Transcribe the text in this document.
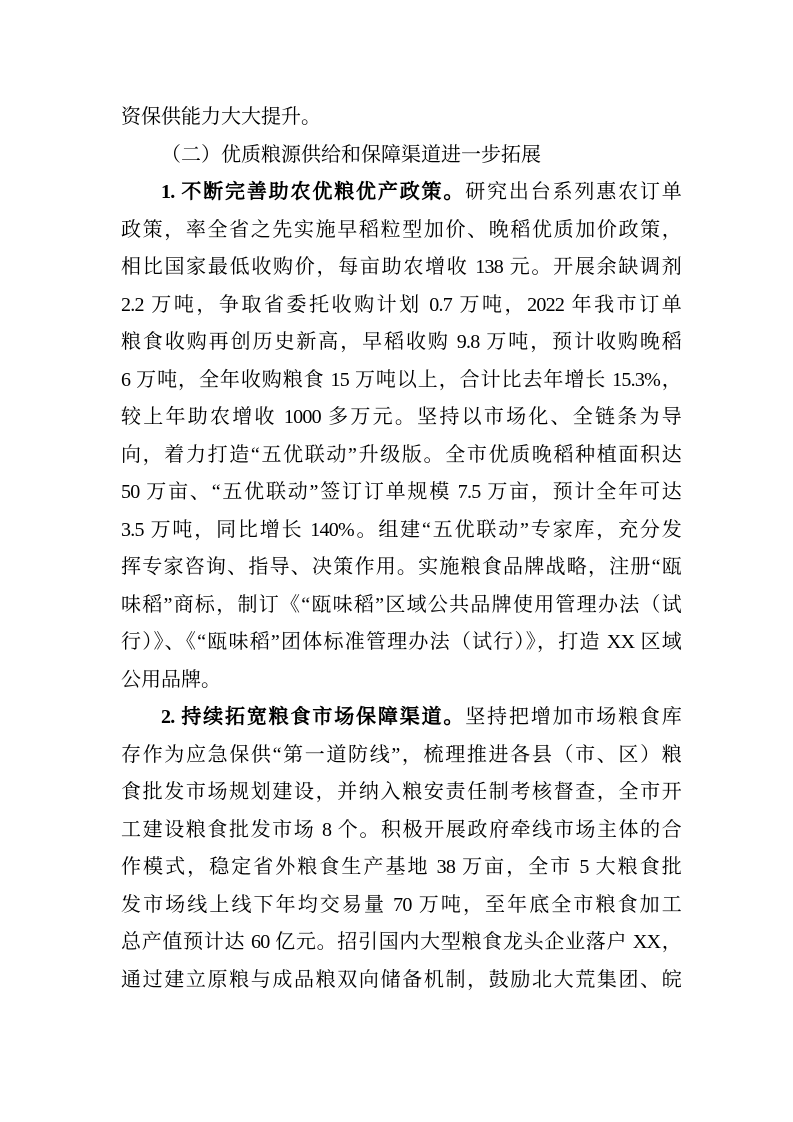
资保供能力大大提升。
（二）优质粮源供给和保障渠道进一步拓展
1. 不断完善助农优粮优产政策。研究出台系列惠农订单
政策，率全省之先实施早稻粒型加价、晚稻优质加价政策，
相比国家最低收购价，每亩助农增收 138 元。开展余缺调剂
2.2 万吨，争取省委托收购计划 0.7 万吨，2022 年我市订单
粮食收购再创历史新高，早稻收购 9.8 万吨，预计收购晚稻
6 万吨，全年收购粮食 15 万吨以上，合计比去年增长 15.3%，
较上年助农增收 1000 多万元。坚持以市场化、全链条为导
向，着力打造“五优联动”升级版。全市优质晚稻种植面积达
50 万亩、“五优联动”签订订单规模 7.5 万亩，预计全年可达
3.5 万吨，同比增长 140%。组建“五优联动”专家库，充分发
挥专家咨询、指导、决策作用。实施粮食品牌战略，注册“瓯
味稻”商标，制订《“瓯味稻”区域公共品牌使用管理办法（试
行）》、《“瓯味稻”团体标准管理办法（试行）》，打造 XX 区域
公用品牌。
2. 持续拓宽粮食市场保障渠道。坚持把增加市场粮食库
存作为应急保供“第一道防线”，梳理推进各县（市、区）粮
食批发市场规划建设，并纳入粮安责任制考核督查，全市开
工建设粮食批发市场 8 个。积极开展政府牵线市场主体的合
作模式，稳定省外粮食生产基地 38 万亩，全市 5 大粮食批
发市场线上线下年均交易量 70 万吨，至年底全市粮食加工
总产值预计达 60 亿元。招引国内大型粮食龙头企业落户 XX，
通过建立原粮与成品粮双向储备机制，鼓励北大荒集团、皖
